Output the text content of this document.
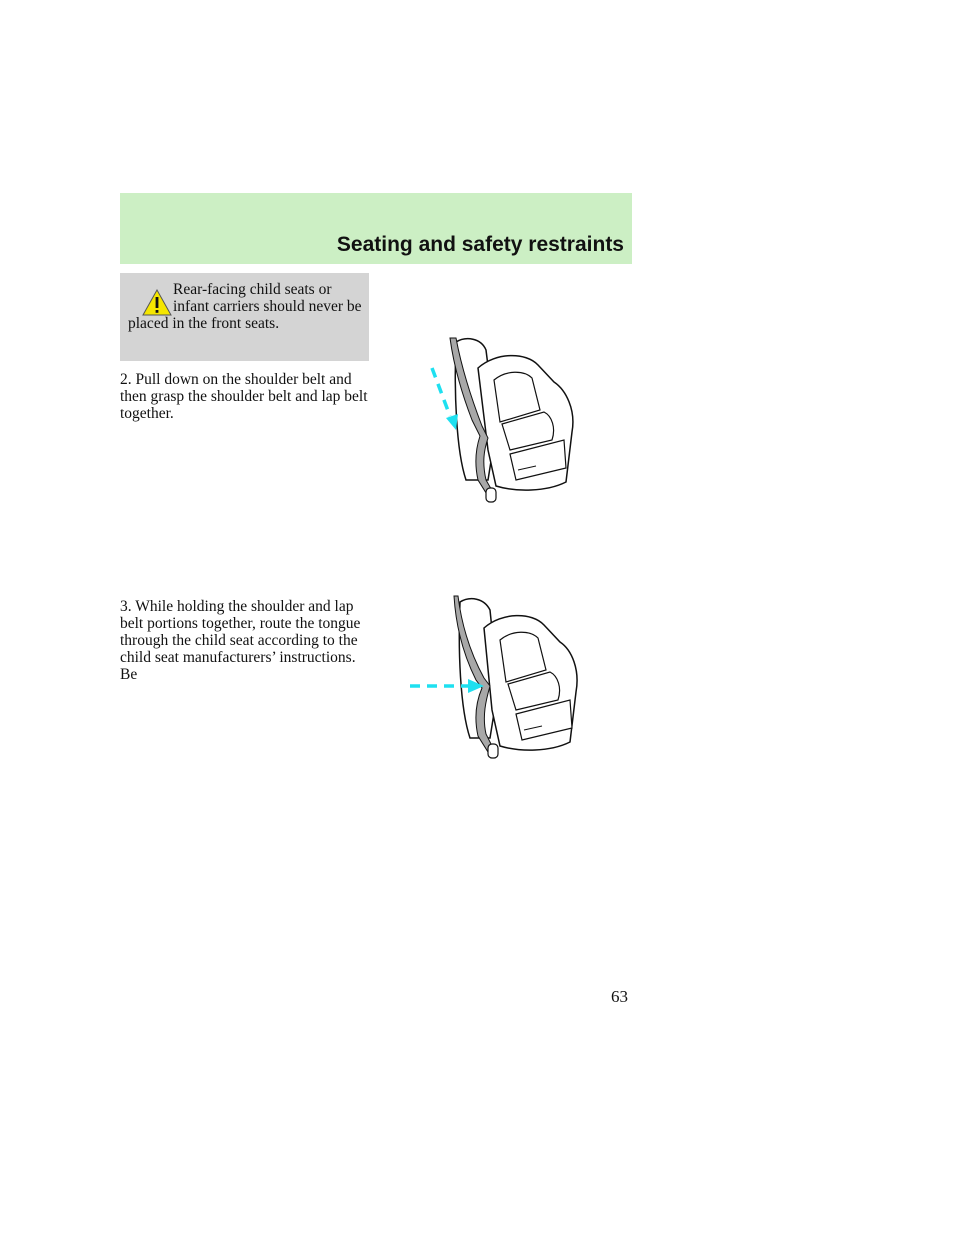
Seating and safety restraints
Rear-facing child seats or infant carriers should never be placed in the front seats.
2. Pull down on the shoulder belt and then grasp the shoulder belt and lap belt together.
3. While holding the shoulder and lap belt portions together, route the tongue through the child seat according to the child seat manufacturers’ instructions. Be
63
